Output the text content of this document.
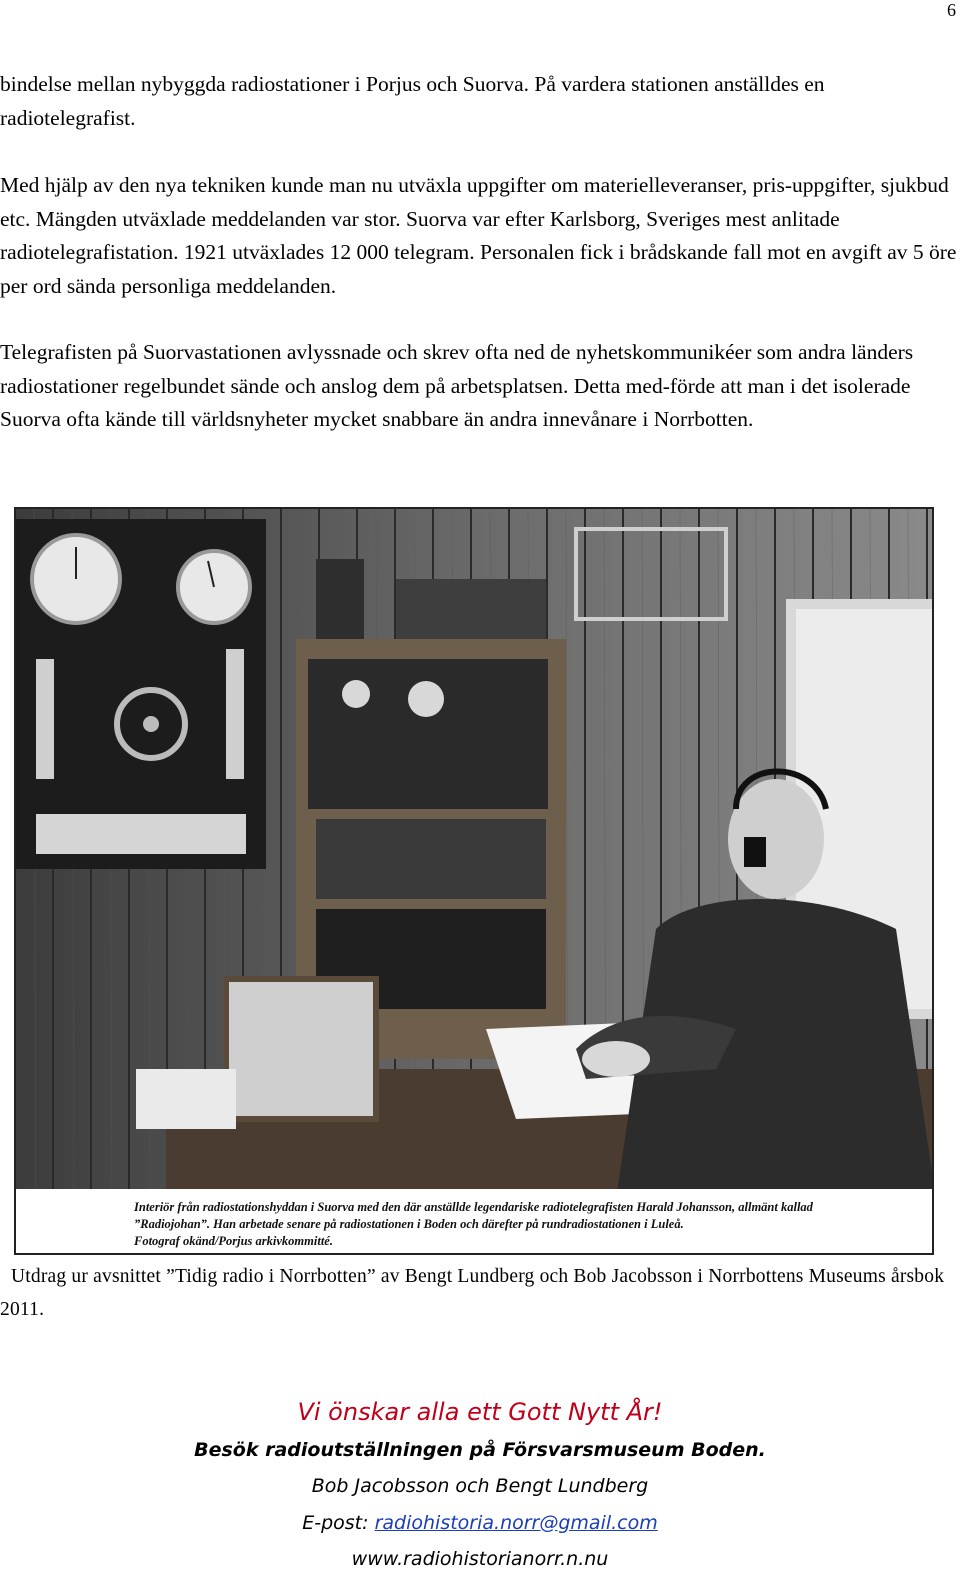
6

bindelse mellan nybyggda radiostationer i Porjus och Suorva. På vardera stationen anställdes en radiotelegrafist.

Med hjälp av den nya tekniken kunde man nu utväxla uppgifter om materielleveranser, pris-uppgifter, sjukbud etc. Mängden utväxlade meddelanden var stor. Suorva var efter Karlsborg, Sveriges mest anlitade radiotelegrafistation. 1921 utväxlades 12 000 telegram. Personalen fick i brådskande fall mot en avgift av 5 öre per ord sända personliga meddelanden.

Telegrafisten på Suorvastationen avlyssnade och skrev ofta ned de nyhetskommunikéer som andra länders radiostationer regelbundet sände och anslog dem på arbetsplatsen. Detta med-förde att man i det isolerade Suorva ofta kände till världsnyheter mycket snabbare än andra innevånare i Norrbotten.

Interiör från radiostationshyddan i Suorva med den där anställde legendariske radiotelegrafisten Harald Johansson, allmänt kallad
”Radiojohan”. Han arbetade senare på radiostationen i Boden och därefter på rundradiostationen i Luleå.
Fotograf okänd/Porjus arkivkommitté.
Utdrag ur avsnittet ”Tidig radio i Norrbotten” av Bengt Lundberg och Bob Jacobsson i Norrbottens Museums årsbok 2011.
Vi önskar alla ett Gott Nytt År!
Besök radioutställningen på Försvarsmuseum Boden.
Bob Jacobsson och Bengt Lundberg
E-post: radiohistoria.norr@gmail.com
www.radiohistorianorr.n.nu
